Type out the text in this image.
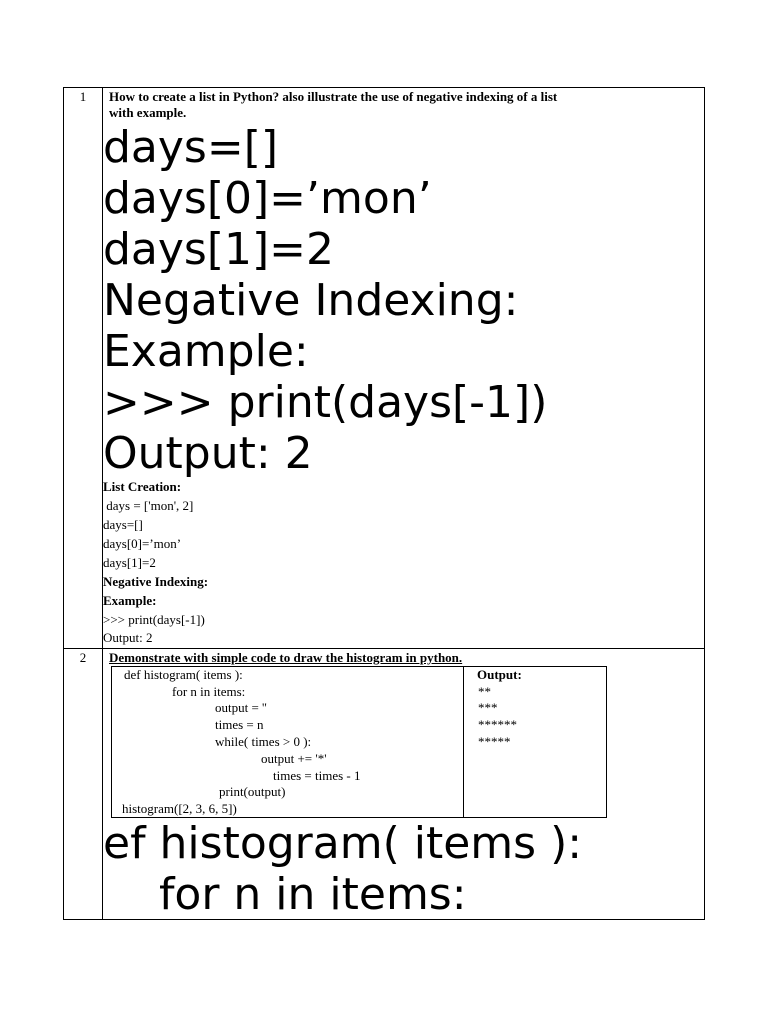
1	How to create a list in Python? also illustrate the use of negative indexing of a list
with example.
days=[]
days[0]=’mon’
days[1]=2
Negative Indexing:
Example:
>>> print(days[-1])
Output: 2
List Creation:
days = ['mon', 2]
days=[]
days[0]=’mon’
days[1]=2
Negative Indexing:
Example:
>>> print(days[-1])
Output: 2
2	Demonstrate with simple code to draw the histogram in python.
def histogram( items ):
for n in items:
output = ''
times = n
while( times > 0 ):
output += '*'
times = times - 1
print(output)
histogram([2, 3, 6, 5])
Output:
**
***
******
*****
ef histogram( items ):
for n in items:
